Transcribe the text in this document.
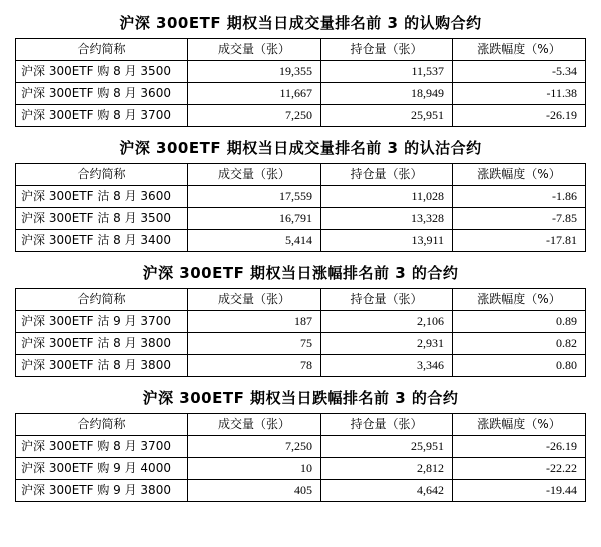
沪深 300ETF 期权当日成交量排名前 3 的认购合约
合约简称	成交量（张）	持仓量（张）	涨跌幅度（%）
沪深 300ETF 购 8 月 3500	19,355	11,537	-5.34
沪深 300ETF 购 8 月 3600	11,667	18,949	-11.38
沪深 300ETF 购 8 月 3700	7,250	25,951	-26.19
沪深 300ETF 期权当日成交量排名前 3 的认沽合约
合约简称	成交量（张）	持仓量（张）	涨跌幅度（%）
沪深 300ETF 沽 8 月 3600	17,559	11,028	-1.86
沪深 300ETF 沽 8 月 3500	16,791	13,328	-7.85
沪深 300ETF 沽 8 月 3400	5,414	13,911	-17.81
沪深 300ETF 期权当日涨幅排名前 3 的合约
合约简称	成交量（张）	持仓量（张）	涨跌幅度（%）
沪深 300ETF 沽 9 月 3700	187	2,106	0.89
沪深 300ETF 沽 8 月 3800	75	2,931	0.82
沪深 300ETF 沽 8 月 3800	78	3,346	0.80
沪深 300ETF 期权当日跌幅排名前 3 的合约
合约简称	成交量（张）	持仓量（张）	涨跌幅度（%）
沪深 300ETF 购 8 月 3700	7,250	25,951	-26.19
沪深 300ETF 购 9 月 4000	10	2,812	-22.22
沪深 300ETF 购 9 月 3800	405	4,642	-19.44
